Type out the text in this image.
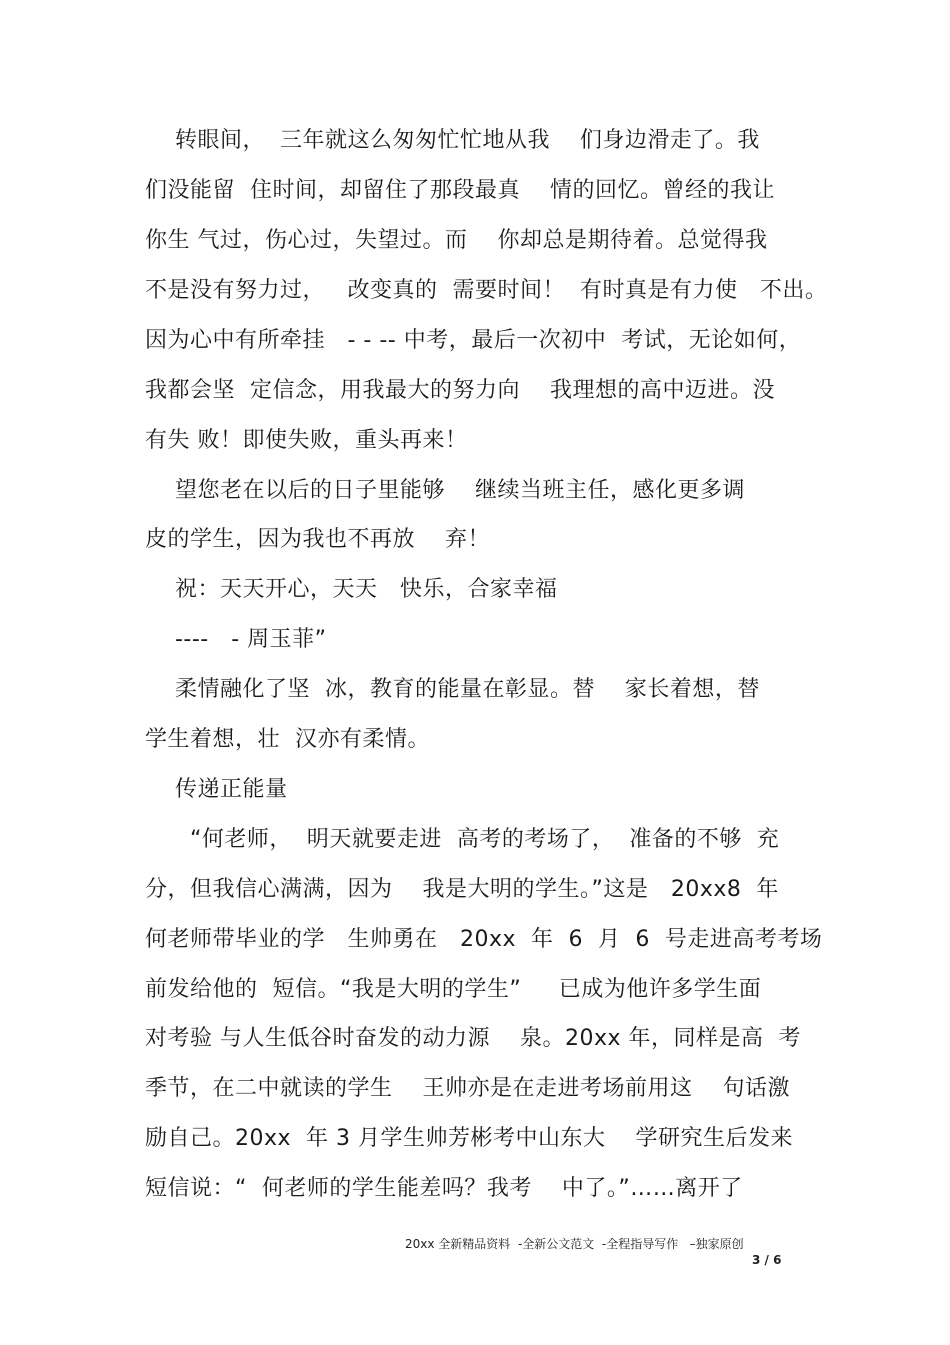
转眼间，  三年就这么匆匆忙忙地从我    们身边滑走了。我
们没能留  住时间，却留住了那段最真    情的回忆。曾经的我让
你生 气过，伤心过，失望过。而    你却总是期待着。总觉得我
不是没有努力过，   改变真的  需要时间！  有时真是有力使   不出。
因为心中有所牵挂   - - -- 中考，最后一次初中  考试，无论如何，
我都会坚  定信念，用我最大的努力向    我理想的高中迈进。没
有失 败！即使失败，重头再来！
望您老在以后的日子里能够    继续当班主任，感化更多调
皮的学生，因为我也不再放    弃！
祝：天天开心，天天   快乐，合家幸福
----   - 周玉菲”
柔情融化了坚  冰，教育的能量在彰显。替    家长着想，替
学生着想，壮  汉亦有柔情。
传递正能量
“何老师，  明天就要走进  高考的考场了，  准备的不够  充
分，但我信心满满，因为    我是大明的学生。”这是   20xx8  年
何老师带毕业的学   生帅勇在   20xx  年  6  月  6  号走进高考考场
前发给他的  短信。“我是大明的学生”     已成为他许多学生面
对考验 与人生低谷时奋发的动力源    泉。20xx 年，同样是高  考
季节，在二中就读的学生    王帅亦是在走进考场前用这    句话激
励自己。20xx  年 3 月学生帅芳彬考中山东大    学研究生后发来
短信说：“  何老师的学生能差吗？我考    中了。”……离开了
20xx 全新精品资料  -全新公文范文  -全程指导写作   –独家原创
3 / 6
